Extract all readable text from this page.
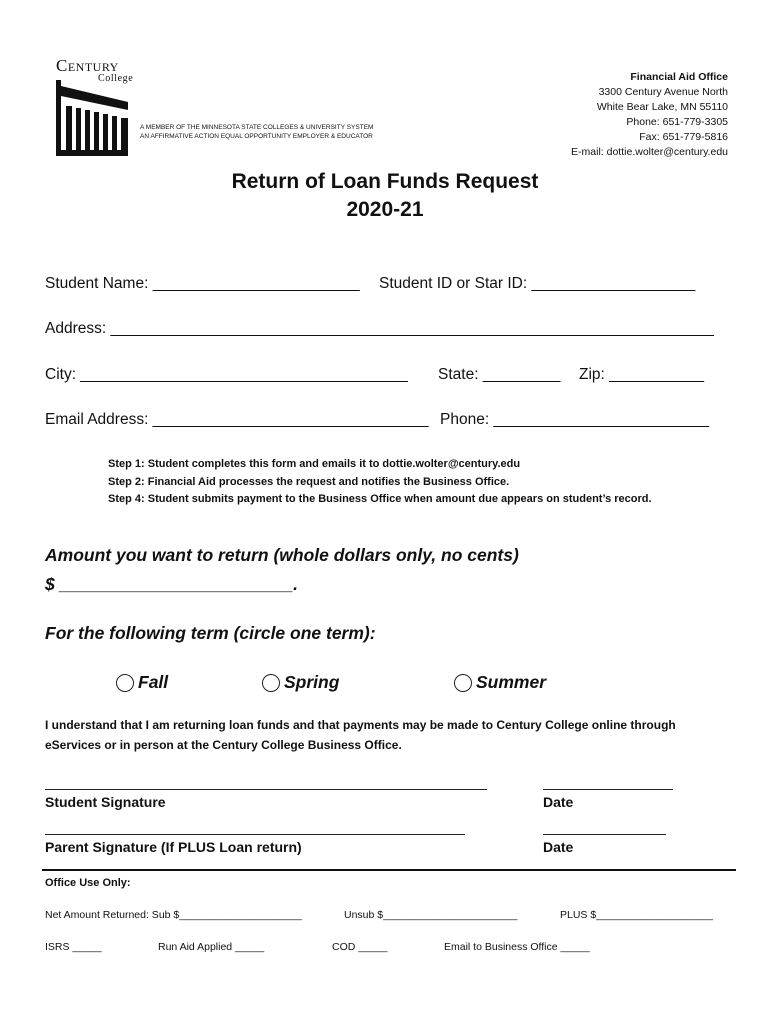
Century
College
A MEMBER OF THE MINNESOTA STATE COLLEGES & UNIVERSITY SYSTEM
AN AFFIRMATIVE ACTION EQUAL OPPORTUNITY EMPLOYER & EDUCATOR
Financial Aid Office
3300 Century Avenue North
White Bear Lake, MN 55110
Phone: 651-779-3305
Fax: 651-779-5816
E-mail: dottie.wolter@century.edu
Return of Loan Funds Request
2020-21
Student Name: ________________________ Student ID or Star ID: ___________________
Address: ______________________________________________________________________
City: ______________________________________ State: _________ Zip: ___________
Email Address: ________________________________ Phone: _________________________
Step 1: Student completes this form and emails it to dottie.wolter@century.edu
Step 2: Financial Aid processes the request and notifies the Business Office.
Step 4: Student submits payment to the Business Office when amount due appears on student’s record.
Amount you want to return (whole dollars only, no cents)
$ ________________________.
For the following term (circle one term):
Fall	Spring	Summer
I understand that I am returning loan funds and that payments may be made to Century College online through eServices or in person at the Century College Business Office.
Student Signature	Date
Parent Signature (If PLUS Loan return)	Date
Office Use Only:
Net Amount Returned: Sub $_____________________	Unsub $_______________________	PLUS $____________________
ISRS _____	Run Aid Applied _____	COD _____	Email to Business Office _____
